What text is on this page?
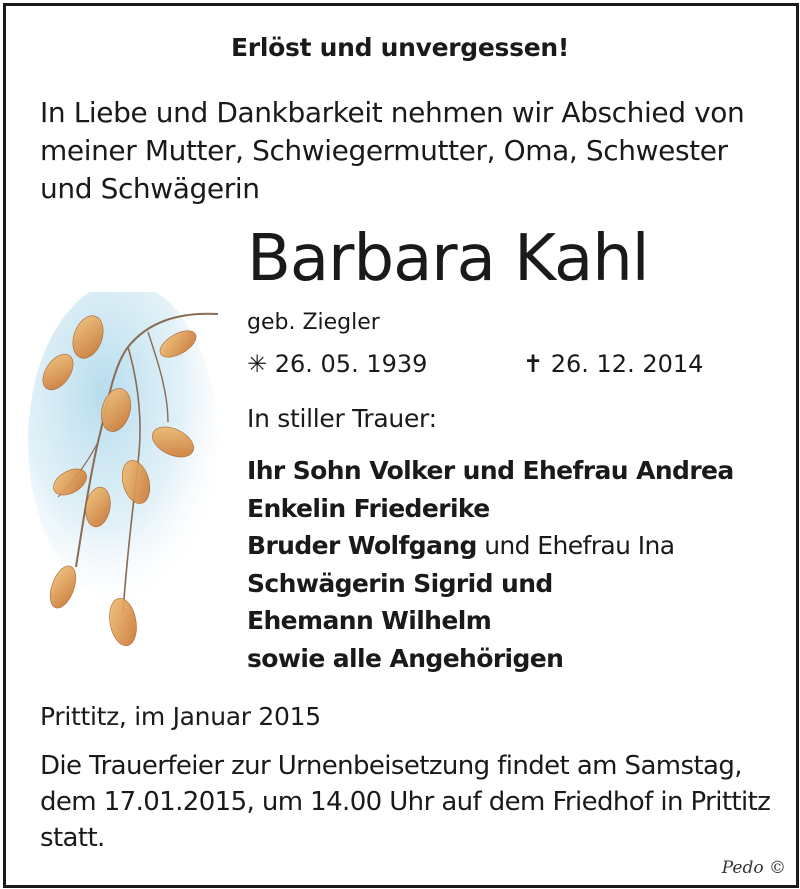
Erlöst und unvergessen!
In Liebe und Dankbarkeit nehmen wir Abschied von meiner Mutter, Schwiegermutter, Oma, Schwester und Schwägerin
Barbara Kahl
geb. Ziegler
✳ 26. 05. 1939	✝ 26. 12. 2014
In stiller Trauer:
Ihr Sohn Volker und Ehefrau Andrea
Enkelin Friederike
Bruder Wolfgang und Ehefrau Ina
Schwägerin Sigrid und
Ehemann Wilhelm
sowie alle Angehörigen
Prittitz, im Januar 2015
Die Trauerfeier zur Urnenbeisetzung findet am Samstag, dem 17.01.2015, um 14.00 Uhr auf dem Friedhof in Prittitz statt.
Pedo ©
